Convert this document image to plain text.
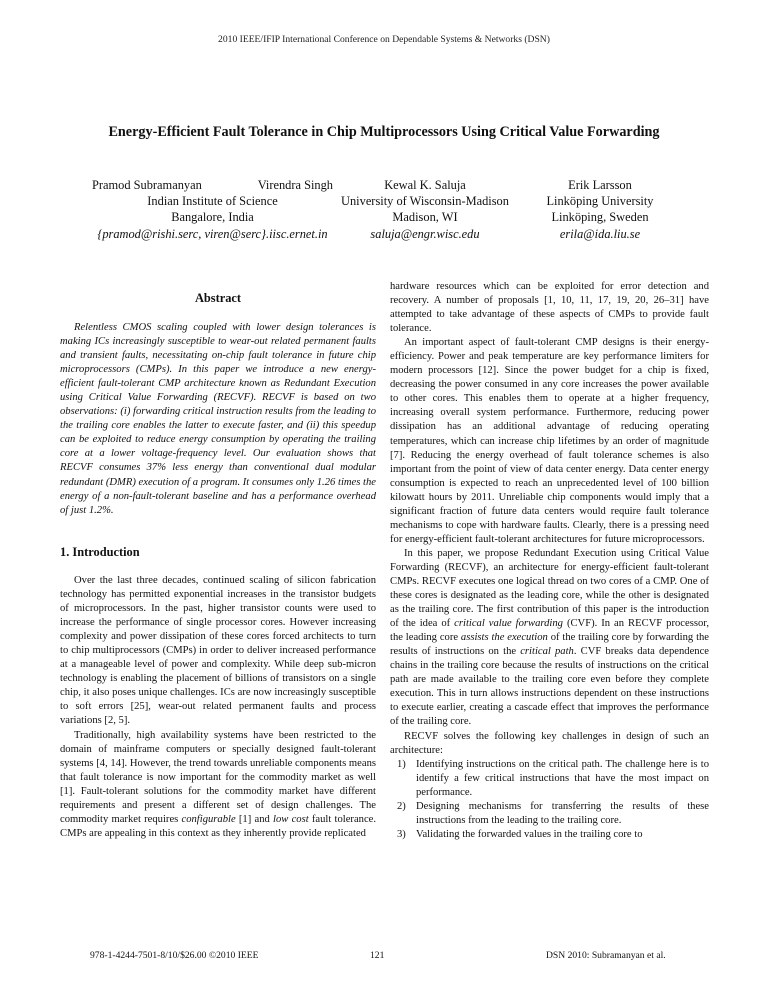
2010 IEEE/IFIP International Conference on Dependable Systems & Networks (DSN)
Energy-Efficient Fault Tolerance in Chip Multiprocessors Using Critical Value Forwarding
Pramod Subramanyan	Virendra Singh
Indian Institute of Science
Bangalore, India
{pramod@rishi.serc, viren@serc}.iisc.ernet.in
Kewal K. Saluja
University of Wisconsin-Madison
Madison, WI
saluja@engr.wisc.edu
Erik Larsson
Linköping University
Linköping, Sweden
erila@ida.liu.se
Abstract

Relentless CMOS scaling coupled with lower design tolerances is making ICs increasingly susceptible to wear-out related permanent faults and transient faults, necessitating on-chip fault tolerance in future chip microprocessors (CMPs). In this paper we introduce a new energy-efficient fault-tolerant CMP architecture known as Redundant Execution using Critical Value Forwarding (RECVF). RECVF is based on two observations: (i) forwarding critical instruction results from the leading to the trailing core enables the latter to execute faster, and (ii) this speedup can be exploited to reduce energy consumption by operating the trailing core at a lower voltage-frequency level. Our evaluation shows that RECVF consumes 37% less energy than conventional dual modular redundant (DMR) execution of a program. It consumes only 1.26 times the energy of a non-fault-tolerant baseline and has a performance overhead of just 1.2%.

1. Introduction

Over the last three decades, continued scaling of silicon fabrication technology has permitted exponential increases in the transistor budgets of microprocessors. In the past, higher transistor counts were used to increase the performance of single processor cores. However increasing complexity and power dissipation of these cores forced architects to turn to chip multiprocessors (CMPs) in order to deliver increased performance at a manageable level of power and complexity. While deep sub-micron technology is enabling the placement of billions of transistors on a single chip, it also poses unique challenges. ICs are now increasingly susceptible to soft errors [25], wear-out related permanent faults and process variations [2, 5].

Traditionally, high availability systems have been restricted to the domain of mainframe computers or specially designed fault-tolerant systems [4, 14]. However, the trend towards unreliable components means that fault tolerance is now important for the commodity market as well [1]. Fault-tolerant solutions for the commodity market have different requirements and present a different set of design challenges. The commodity market requires configurable [1] and low cost fault tolerance. CMPs are appealing in this context as they inherently provide replicated

hardware resources which can be exploited for error detection and recovery. A number of proposals [1, 10, 11, 17, 19, 20, 26–31] have attempted to take advantage of these aspects of CMPs to provide fault tolerance.

An important aspect of fault-tolerant CMP designs is their energy-efficiency. Power and peak temperature are key performance limiters for modern processors [12]. Since the power budget for a chip is fixed, decreasing the power consumed in any core increases the power available to other cores. This enables them to operate at a higher frequency, increasing overall system performance. Furthermore, reducing power dissipation has an additional advantage of reducing operating temperatures, which can increase chip lifetimes by an order of magnitude [7]. Reducing the energy overhead of fault tolerance schemes is also important from the point of view of data center energy. Data center energy consumption is expected to reach an unprecedented level of 100 billion kilowatt hours by 2011. Unreliable chip components would imply that a significant fraction of future data centers would require fault tolerance mechanisms to cope with hardware faults. Clearly, there is a pressing need for energy-efficient fault-tolerant architectures for future microprocessors.

In this paper, we propose Redundant Execution using Critical Value Forwarding (RECVF), an architecture for energy-efficient fault-tolerant CMPs. RECVF executes one logical thread on two cores of a CMP. One of these cores is designated as the leading core, while the other is designated as the trailing core. The first contribution of this paper is the introduction of the idea of critical value forwarding (CVF). In an RECVF processor, the leading core assists the execution of the trailing core by forwarding the results of instructions on the critical path. CVF breaks data dependence chains in the trailing core because the results of instructions on the critical path are made available to the trailing core even before they complete execution. This in turn allows instructions dependent on these instructions to execute earlier, creating a cascade effect that improves the performance of the trailing core.

RECVF solves the following key challenges in design of such an architecture:

1) Identifying instructions on the critical path. The challenge here is to identify a few critical instructions that have the most impact on performance.
2) Designing mechanisms for transferring the results of these instructions from the leading to the trailing core.
3) Validating the forwarded values in the trailing core to
978-1-4244-7501-8/10/$26.00 ©2010 IEEE	121	DSN 2010: Subramanyan et al.
